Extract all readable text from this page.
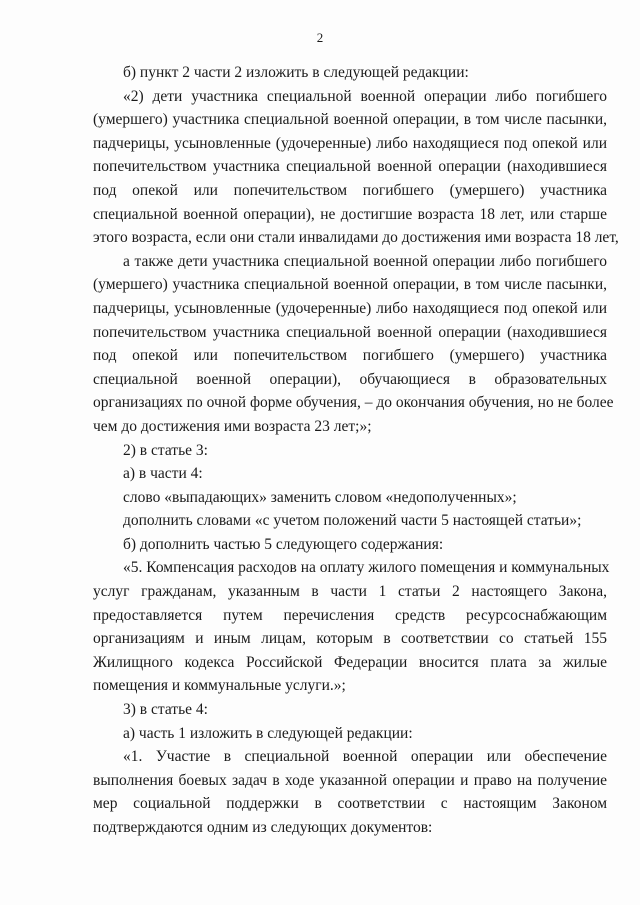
2
б) пункт 2 части 2 изложить в следующей редакции:
«2) дети участника специальной военной операции либо погибшего
(умершего) участника специальной военной операции, в том числе пасынки,
падчерицы, усыновленные (удочеренные) либо находящиеся под опекой или
попечительством участника специальной военной операции (находившиеся
под опекой или попечительством погибшего (умершего) участника
специальной военной операции), не достигшие возраста 18 лет, или старше
этого возраста, если они стали инвалидами до достижения ими возраста 18 лет,
а также дети участника специальной военной операции либо погибшего
(умершего) участника специальной военной операции, в том числе пасынки,
падчерицы, усыновленные (удочеренные) либо находящиеся под опекой или
попечительством участника специальной военной операции (находившиеся
под опекой или попечительством погибшего (умершего) участника
специальной военной операции), обучающиеся в образовательных
организациях по очной форме обучения, – до окончания обучения, но не более
чем до достижения ими возраста 23 лет;»;
2) в статье 3:
а) в части 4:
слово «выпадающих» заменить словом «недополученных»;
дополнить словами «с учетом положений части 5 настоящей статьи»;
б) дополнить частью 5 следующего содержания:
«5. Компенсация расходов на оплату жилого помещения и коммунальных
услуг гражданам, указанным в части 1 статьи 2 настоящего Закона,
предоставляется путем перечисления средств ресурсоснабжающим
организациям и иным лицам, которым в соответствии со статьей 155
Жилищного кодекса Российской Федерации вносится плата за жилые
помещения и коммунальные услуги.»;
3) в статье 4:
а) часть 1 изложить в следующей редакции:
«1. Участие в специальной военной операции или обеспечение
выполнения боевых задач в ходе указанной операции и право на получение
мер социальной поддержки в соответствии с настоящим Законом
подтверждаются одним из следующих документов:
